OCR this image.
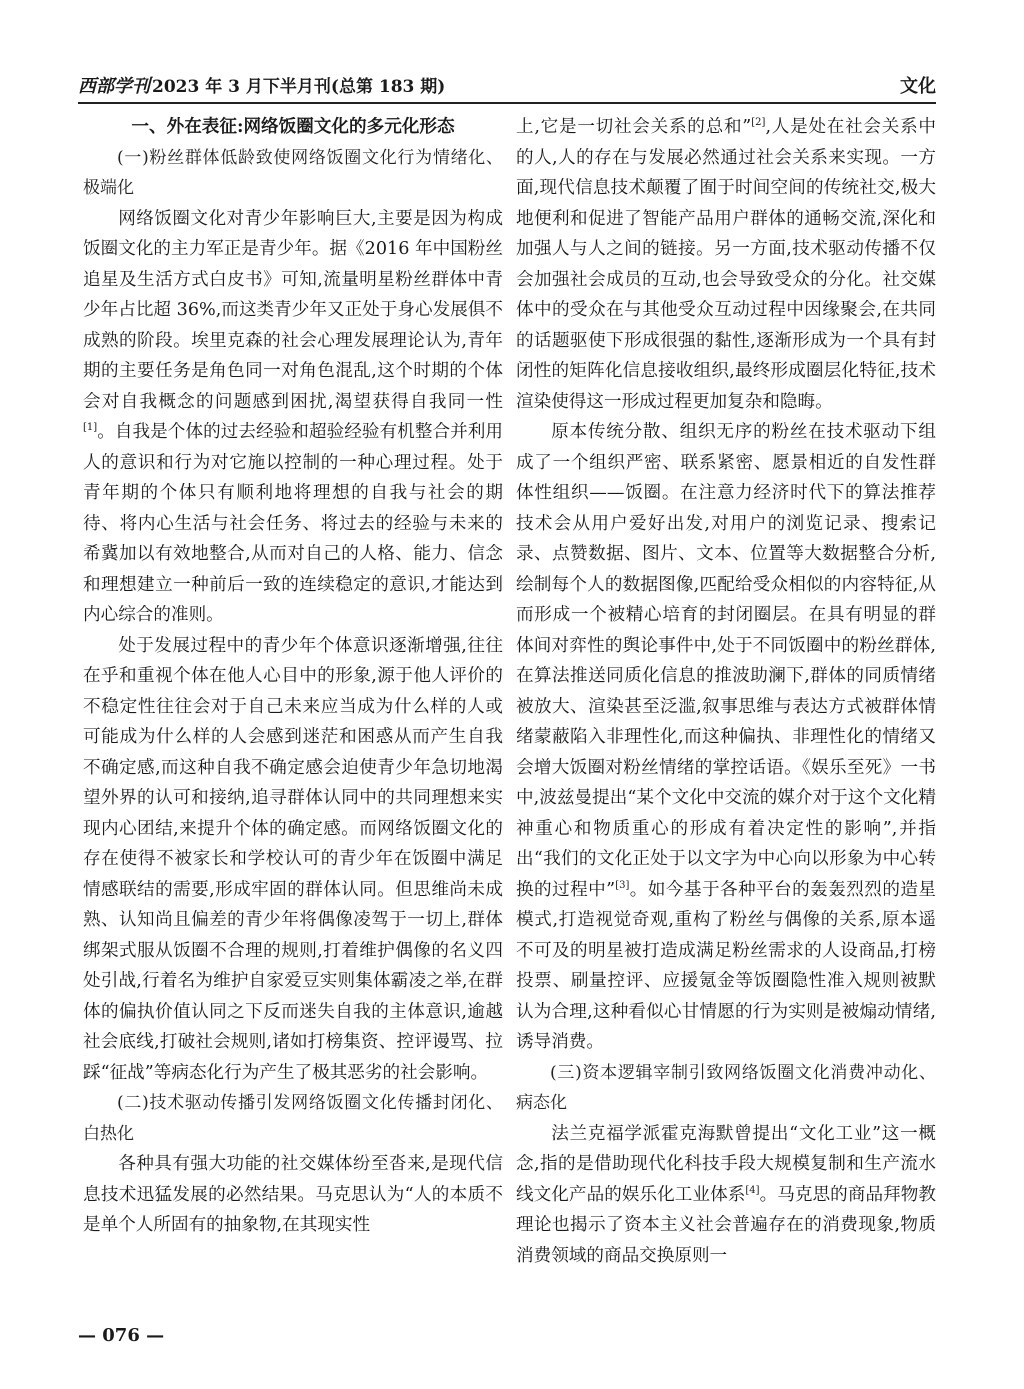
西部学刊 2023 年 3 月下半月刊(总第 183 期)	文化

一、外在表征:网络饭圈文化的多元化形态

(一)粉丝群体低龄致使网络饭圈文化行为情绪化、极端化

网络饭圈文化对青少年影响巨大,主要是因为构成饭圈文化的主力军正是青少年。据《2016 年中国粉丝追星及生活方式白皮书》可知,流量明星粉丝群体中青少年占比超 36%,而这类青少年又正处于身心发展俱不成熟的阶段。埃里克森的社会心理发展理论认为,青年期的主要任务是角色同一对角色混乱,这个时期的个体会对自我概念的问题感到困扰,渴望获得自我同一性[1]。自我是个体的过去经验和超验经验有机整合并利用人的意识和行为对它施以控制的一种心理过程。处于青年期的个体只有顺利地将理想的自我与社会的期待、将内心生活与社会任务、将过去的经验与未来的希冀加以有效地整合,从而对自己的人格、能力、信念和理想建立一种前后一致的连续稳定的意识,才能达到内心综合的准则。

处于发展过程中的青少年个体意识逐渐增强,往往在乎和重视个体在他人心目中的形象,源于他人评价的不稳定性往往会对于自己未来应当成为什么样的人或可能成为什么样的人会感到迷茫和困惑从而产生自我不确定感,而这种自我不确定感会迫使青少年急切地渴望外界的认可和接纳,追寻群体认同中的共同理想来实现内心团结,来提升个体的确定感。而网络饭圈文化的存在使得不被家长和学校认可的青少年在饭圈中满足情感联结的需要,形成牢固的群体认同。但思维尚未成熟、认知尚且偏差的青少年将偶像凌驾于一切上,群体绑架式服从饭圈不合理的规则,打着维护偶像的名义四处引战,行着名为维护自家爱豆实则集体霸凌之举,在群体的偏执价值认同之下反而迷失自我的主体意识,逾越社会底线,打破社会规则,诸如打榜集资、控评谩骂、拉踩“征战”等病态化行为产生了极其恶劣的社会影响。

(二)技术驱动传播引发网络饭圈文化传播封闭化、白热化

各种具有强大功能的社交媒体纷至沓来,是现代信息技术迅猛发展的必然结果。马克思认为“人的本质不是单个人所固有的抽象物,在其现实性

上,它是一切社会关系的总和”[2],人是处在社会关系中的人,人的存在与发展必然通过社会关系来实现。一方面,现代信息技术颠覆了囿于时间空间的传统社交,极大地便利和促进了智能产品用户群体的通畅交流,深化和加强人与人之间的链接。另一方面,技术驱动传播不仅会加强社会成员的互动,也会导致受众的分化。社交媒体中的受众在与其他受众互动过程中因缘聚会,在共同的话题驱使下形成很强的黏性,逐渐形成为一个具有封闭性的矩阵化信息接收组织,最终形成圈层化特征,技术渲染使得这一形成过程更加复杂和隐晦。

原本传统分散、组织无序的粉丝在技术驱动下组成了一个组织严密、联系紧密、愿景相近的自发性群体性组织——饭圈。在注意力经济时代下的算法推荐技术会从用户爱好出发,对用户的浏览记录、搜索记录、点赞数据、图片、文本、位置等大数据整合分析,绘制每个人的数据图像,匹配给受众相似的内容特征,从而形成一个被精心培育的封闭圈层。在具有明显的群体间对弈性的舆论事件中,处于不同饭圈中的粉丝群体,在算法推送同质化信息的推波助澜下,群体的同质情绪被放大、渲染甚至泛滥,叙事思维与表达方式被群体情绪蒙蔽陷入非理性化,而这种偏执、非理性化的情绪又会增大饭圈对粉丝情绪的掌控话语。《娱乐至死》一书中,波兹曼提出“某个文化中交流的媒介对于这个文化精神重心和物质重心的形成有着决定性的影响”,并指出“我们的文化正处于以文字为中心向以形象为中心转换的过程中”[3]。如今基于各种平台的轰轰烈烈的造星模式,打造视觉奇观,重构了粉丝与偶像的关系,原本遥不可及的明星被打造成满足粉丝需求的人设商品,打榜投票、刷量控评、应援氪金等饭圈隐性准入规则被默认为合理,这种看似心甘情愿的行为实则是被煽动情绪,诱导消费。

(三)资本逻辑宰制引致网络饭圈文化消费冲动化、病态化

法兰克福学派霍克海默曾提出“文化工业”这一概念,指的是借助现代化科技手段大规模复制和生产流水线文化产品的娱乐化工业体系[4]。马克思的商品拜物教理论也揭示了资本主义社会普遍存在的消费现象,物质消费领域的商品交换原则一

— 076 —
